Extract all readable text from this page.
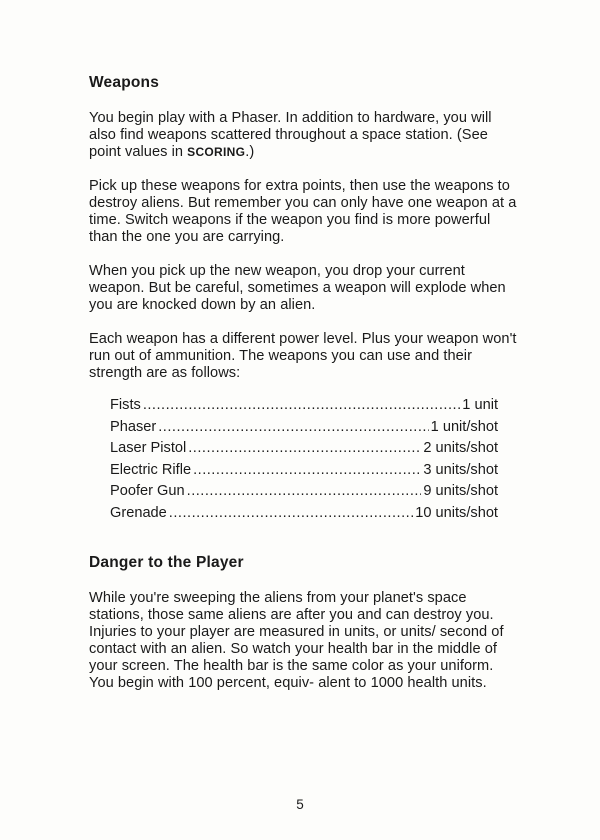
Weapons

You begin play with a Phaser. In addition to hardware, you will also find weapons scattered throughout a space station. (See point values in SCORING.)

Pick up these weapons for extra points, then use the weapons to destroy aliens. But remember you can only have one weapon at a time. Switch weapons if the weapon you find is more powerful than the one you are carrying.

When you pick up the new weapon, you drop your current weapon. But be careful, sometimes a weapon will explode when you are knocked down by an alien.

Each weapon has a different power level. Plus your weapon won't run out of ammunition. The weapons you can use and their strength are as follows:

Fists .....	1 unit
Phaser .....	1 unit/shot
Laser Pistol .....	2 units/shot
Electric Rifle .....	3 units/shot
Poofer Gun .....	9 units/shot
Grenade .....	10 units/shot
Danger to the Player

While you're sweeping the aliens from your planet's space stations, those same aliens are after you and can destroy you. Injuries to your player are measured in units, or units/ second of contact with an alien. So watch your health bar in the middle of your screen. The health bar is the same color as your uniform. You begin with 100 percent, equiv- alent to 1000 health units.

5
